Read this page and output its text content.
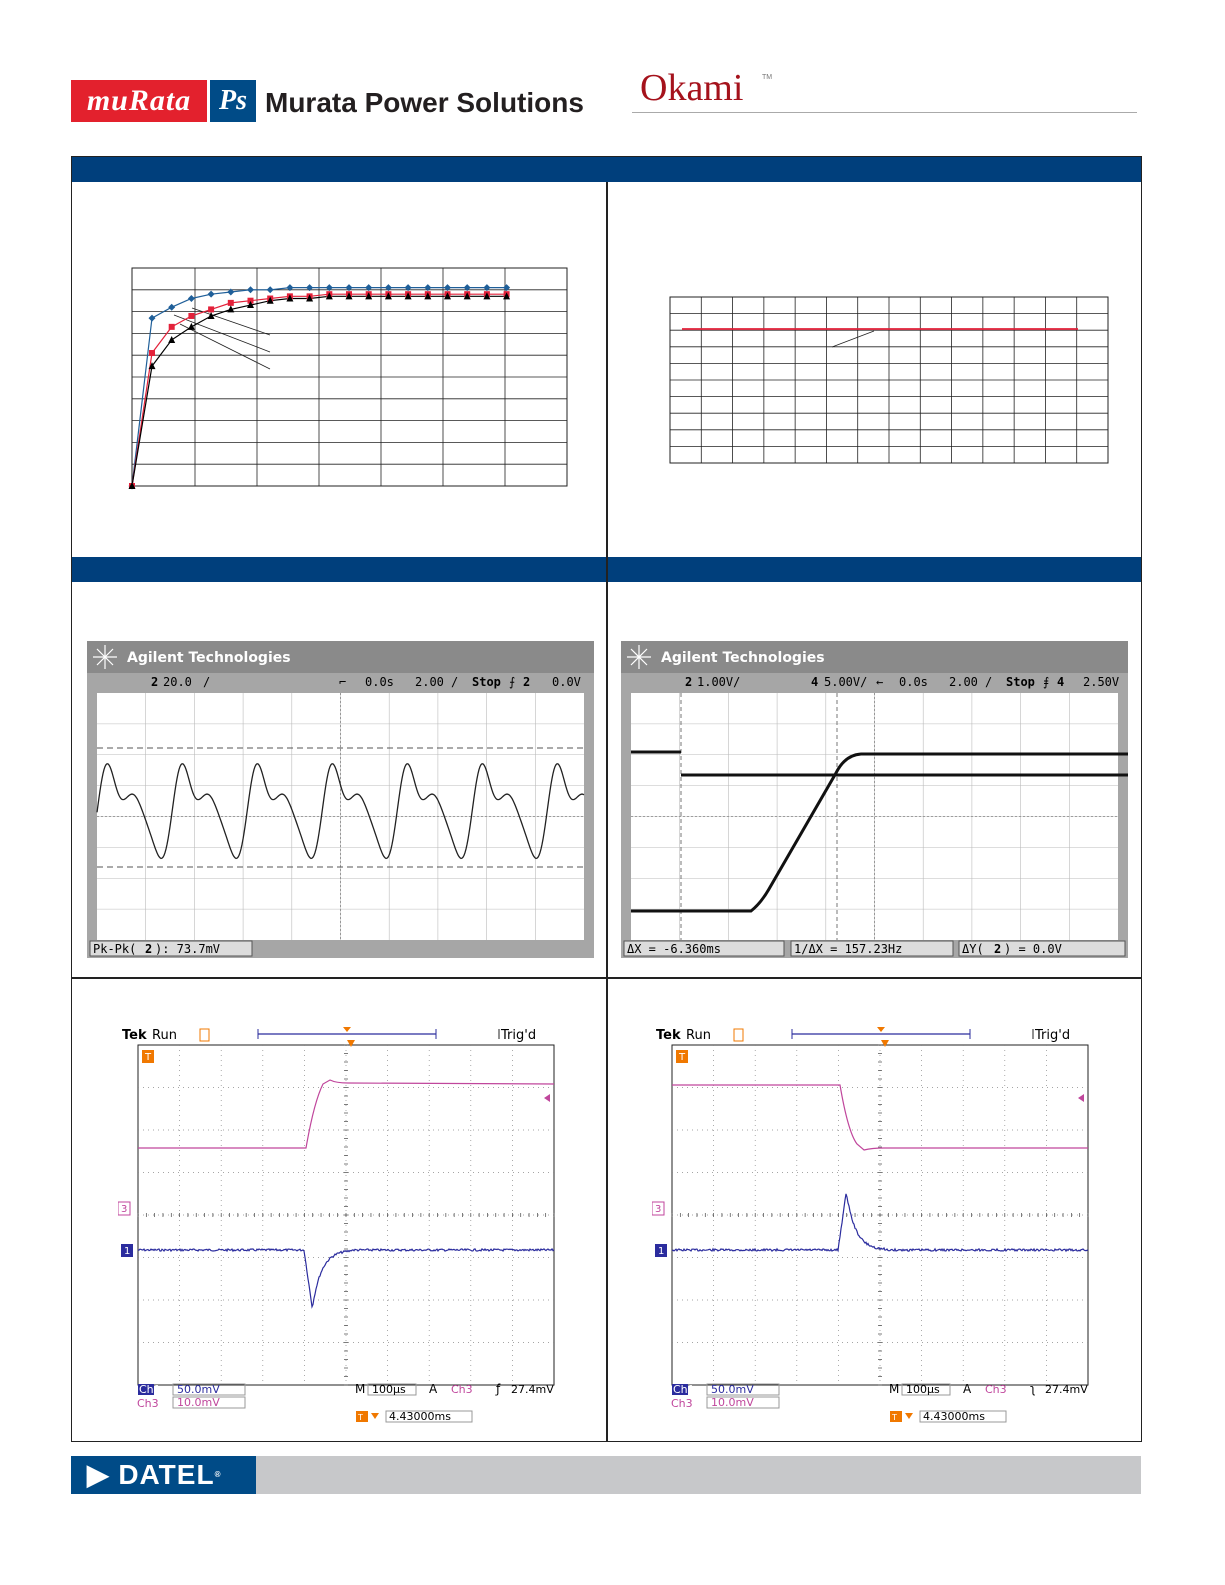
muRata Ps Murata Power Solutions Okami	TM
Agilent Technologies
2 20.0 /	⌐ 0.0s 2.00 / Stop ⨍ 2 0.0V
Pk-Pk( 2 ): 73.7mV
Agilent Technologies
2 1.00V/	4 5.00V/ ← 0.0s 2.00 / Stop ⨎ 4 2.50V
ΔX = -6.360ms	1/ΔX = 157.23Hz	ΔY( 2 ) = 0.0V
Tek Run	Trig'd
T
3
1
Ch1 50.0mV
Ch3 10.0mV
M 100µs A Ch3 ƒ 27.4mV
T 4.43000ms
Tek Run	Trig'd
T
3
1
Ch1 50.0mV
Ch3 10.0mV
M 100µs A Ch3 ʅ 27.4mV
T 4.43000ms
▶ DATEL®
